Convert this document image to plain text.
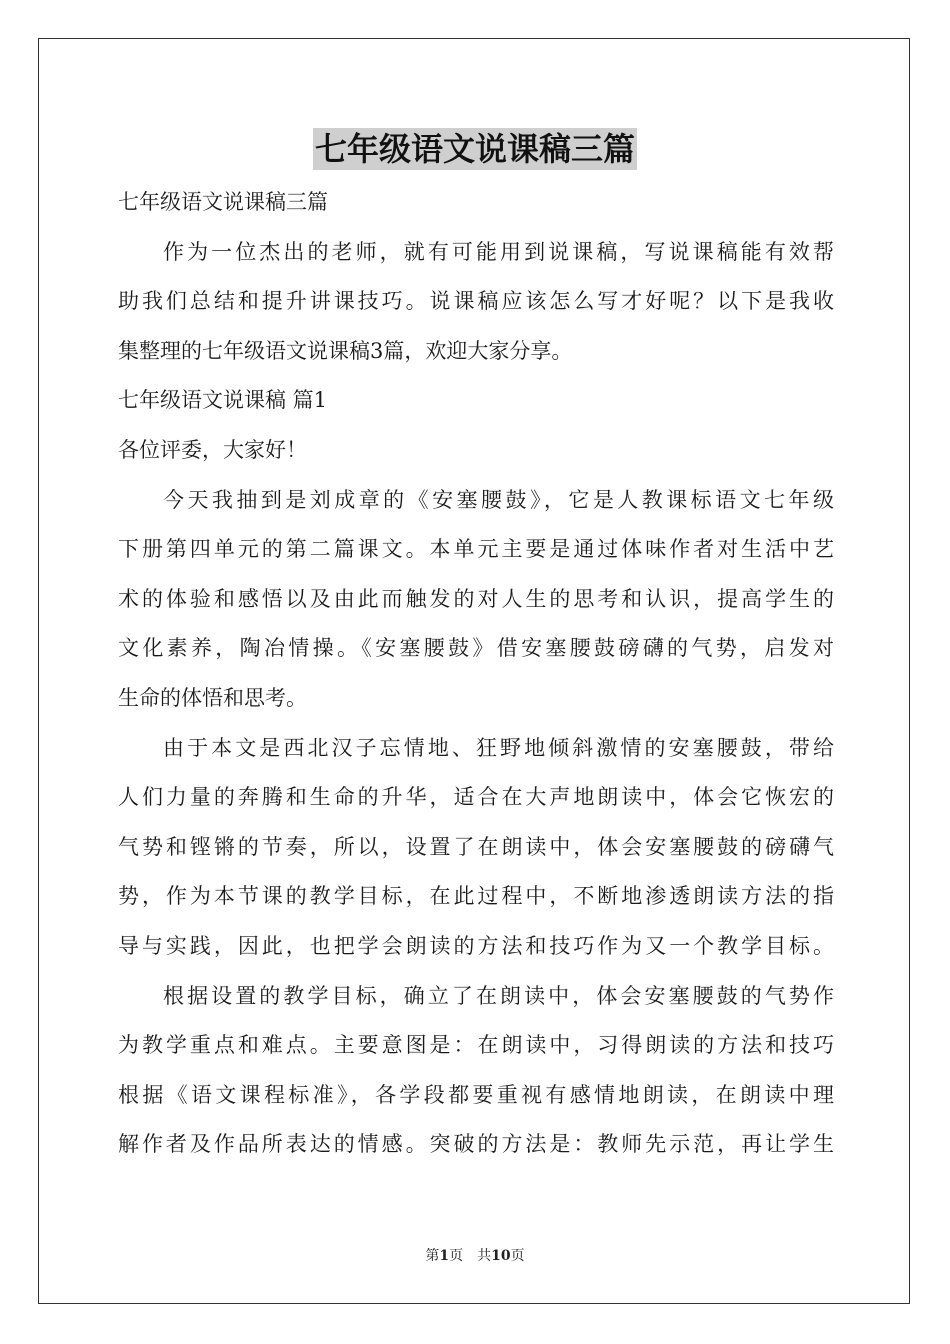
七年级语文说课稿三篇
七年级语文说课稿三篇
作为一位杰出的老师，就有可能用到说课稿，写说课稿能有效帮
助我们总结和提升讲课技巧。说课稿应该怎么写才好呢？以下是我收
集整理的七年级语文说课稿3篇，欢迎大家分享。
七年级语文说课稿 篇1
各位评委，大家好！
今天我抽到是刘成章的《安塞腰鼓》，它是人教课标语文七年级
下册第四单元的第二篇课文。本单元主要是通过体味作者对生活中艺
术的体验和感悟以及由此而触发的对人生的思考和认识，提高学生的
文化素养，陶冶情操。《安塞腰鼓》借安塞腰鼓磅礴的气势，启发对
生命的体悟和思考。
由于本文是西北汉子忘情地、狂野地倾斜激情的安塞腰鼓，带给
人们力量的奔腾和生命的升华，适合在大声地朗读中，体会它恢宏的
气势和铿锵的节奏，所以，设置了在朗读中，体会安塞腰鼓的磅礴气
势，作为本节课的教学目标，在此过程中，不断地渗透朗读方法的指
导与实践，因此，也把学会朗读的方法和技巧作为又一个教学目标。
根据设置的教学目标，确立了在朗读中，体会安塞腰鼓的气势作
为教学重点和难点。主要意图是：在朗读中，习得朗读的方法和技巧
根据《语文课程标准》，各学段都要重视有感情地朗读，在朗读中理
解作者及作品所表达的情感。突破的方法是：教师先示范，再让学生
第1页　共10页
